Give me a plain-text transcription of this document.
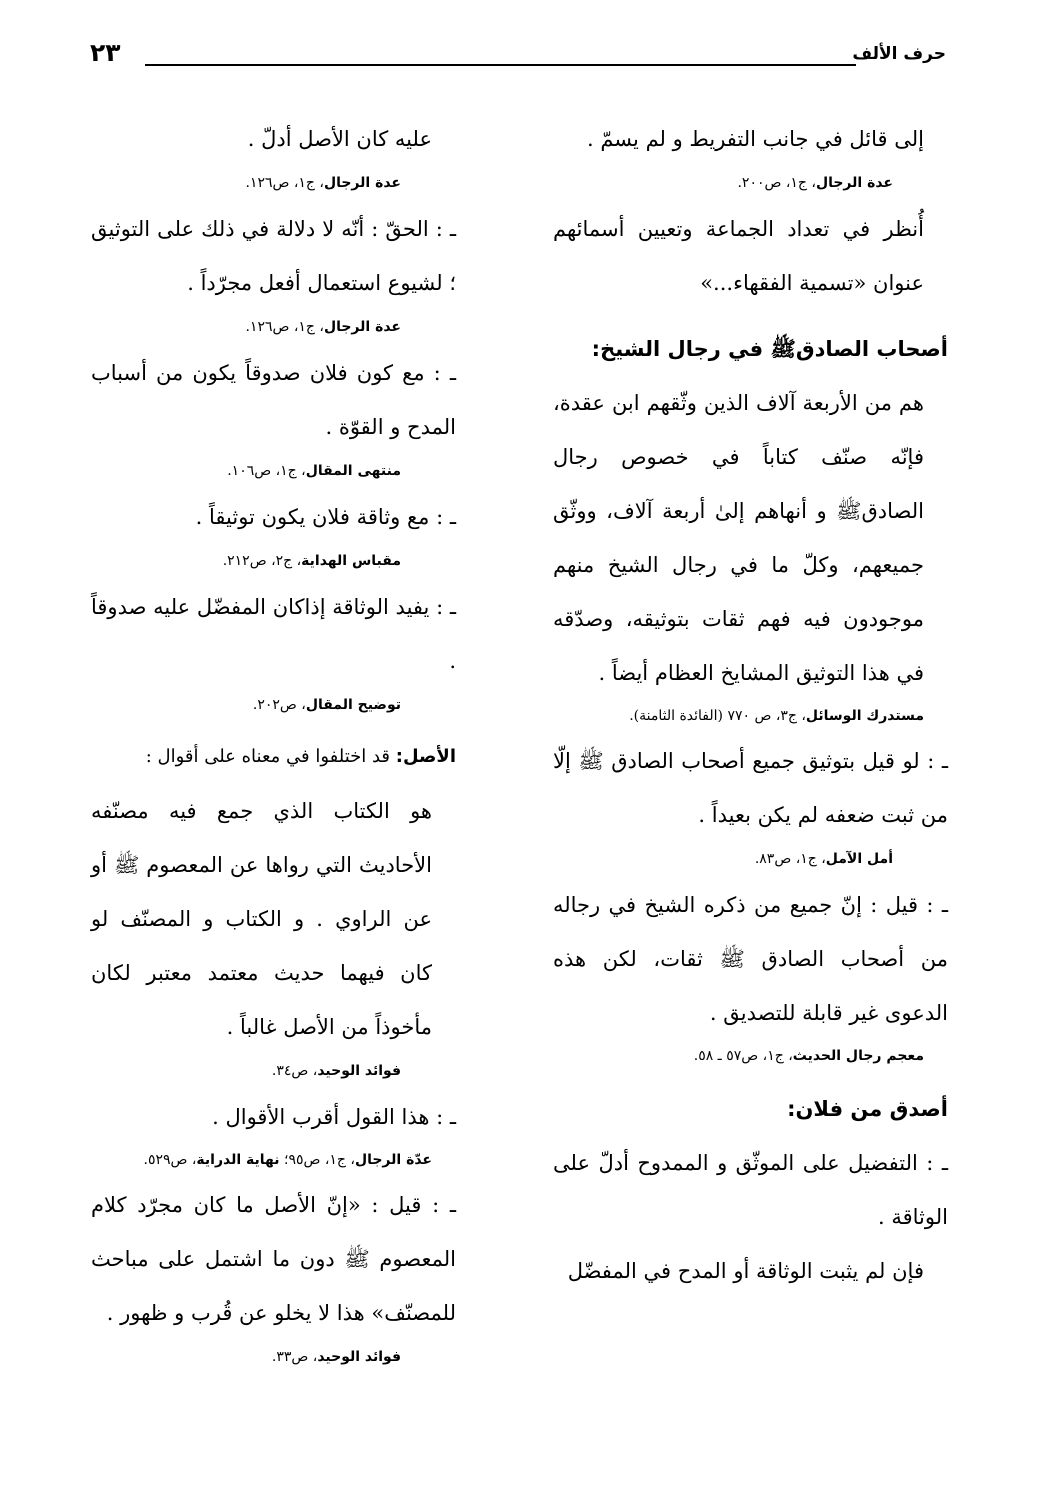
حرف الألف
٢٣

إلى قائل في جانب التفريط و لم يسمّ .

عدة الرجال، ج١، ص٢٠٠.

أُنظر في تعداد الجماعة وتعيين أسمائهم عنوان «تسمية الفقهاء...»

أصحاب الصادقﷺ في رجال الشيخ:

هم من الأربعة آلاف الذين وثّقهم ابن عقدة، فإنّه صنّف كتاباً في خصوص رجال الصادقﷺ و أنهاهم إلىٰ أربعة آلاف، ووثّق جميعهم، وكلّ ما في رجال الشيخ منهم موجودون فيه فهم ثقات بتوثيقه، وصدّقه في هذا التوثيق المشايخ العظام أيضاً .

مستدرك الوسائل، ج٣، ص ٧٧٠ (الفائدة الثامنة).

ـ : لو قيل بتوثيق جميع أصحاب الصادق ﷺ إلّا من ثبت ضعفه لم يكن بعيداً .

أمل الآمل، ج١، ص٨٣.

ـ : قيل : إنّ جميع من ذكره الشيخ في رجاله من أصحاب الصادق ﷺ ثقات، لكن هذه الدعوى غير قابلة للتصديق .

معجم رجال الحديث، ج١، ص٥٧ ـ ٥٨.
أصدق من فلان:

ـ : التفضيل على الموثّق و الممدوح أدلّ على الوثاقة .

فإن لم يثبت الوثاقة أو المدح في المفضّل

عليه كان الأصل أدلّ .

عدة الرجال، ج١، ص١٢٦.

ـ : الحقّ : أنّه لا دلالة في ذلك على التوثيق ؛ لشيوع استعمال أفعل مجرّداً .

عدة الرجال، ج١، ص١٢٦.

ـ : مع كون فلان صدوقاً يكون من أسباب المدح و القوّة .

منتهى المقال، ج١، ص١٠٦.

ـ : مع وثاقة فلان يكون توثيقاً .

مقباس الهداية، ج٢، ص٢١٢.

ـ : يفيد الوثاقة إذاكان المفضّل عليه صدوقاً .

توضيح المقال، ص٢٠٢.

الأصل: قد اختلفوا في معناه على أقوال :

هو الكتاب الذي جمع فيه مصنّفه الأحاديث التي رواها عن المعصوم ﷺ أو عن الراوي . و الكتاب و المصنّف لو كان فيهما حديث معتمد معتبر لكان مأخوذاً من الأصل غالباً .

فوائد الوحيد، ص٣٤.

ـ : هذا القول أقرب الأقوال .

عدّة الرجال، ج١، ص٩٥؛ نهاية الدراية، ص٥٢٩.

ـ : قيل : «إنّ الأصل ما كان مجرّد كلام المعصوم ﷺ دون ما اشتمل على مباحث للمصنّف» هذا لا يخلو عن قُرب و ظهور .

فوائد الوحيد، ص٣٣.
